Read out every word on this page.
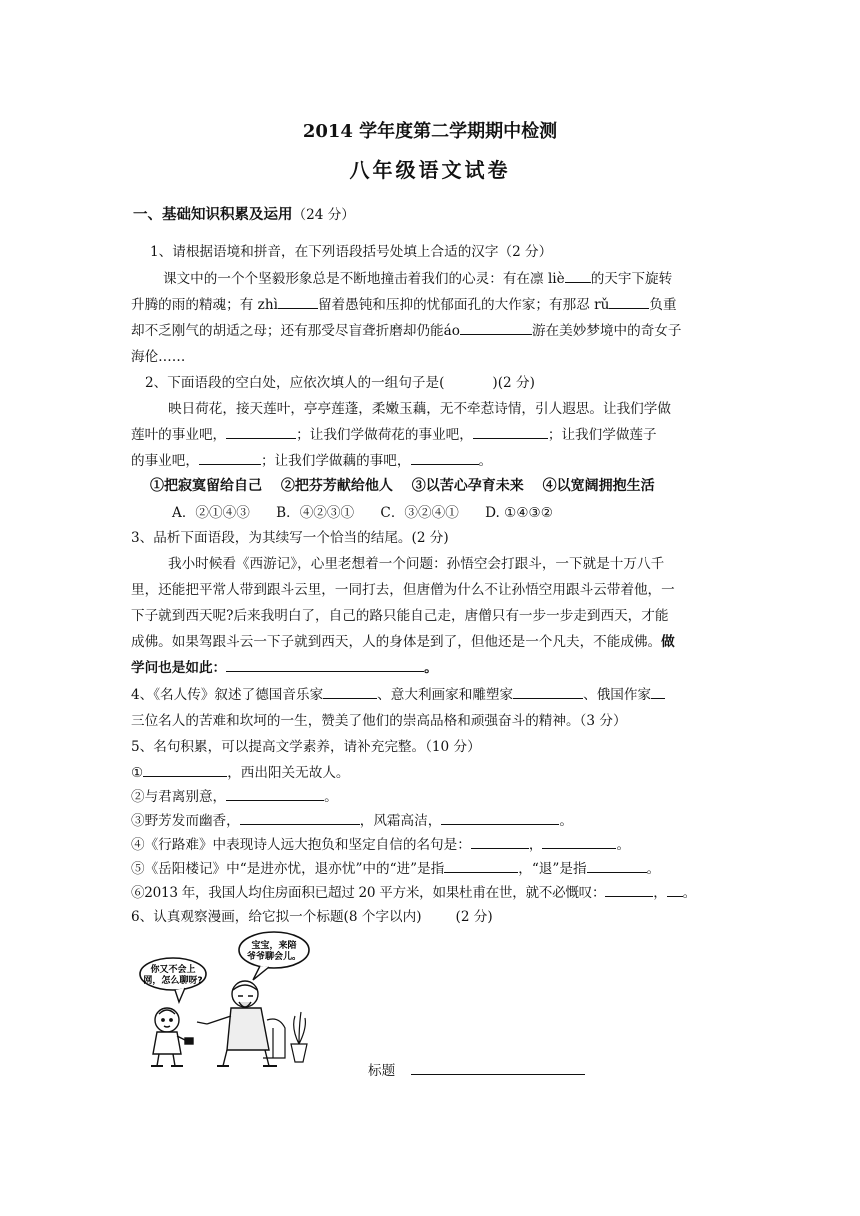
2014 学年度第二学期期中检测
八年级语文试卷
一、基础知识积累及运用（24 分）
1、请根据语境和拼音，在下列语段括号处填上合适的汉字（2 分）
课文中的一个个坚毅形象总是不断地撞击着我们的心灵：有在凛 liè 的天宇下旋转
升腾的雨的精魂；有 zhì	留着愚钝和压抑的忧郁面孔的大作家；有那忍 rǔ	负重
却不乏刚气的胡适之母；还有那受尽盲聋折磨却仍能áo	游在美妙梦境中的奇女子
海伦……
2、下面语段的空白处，应依次填人的一组句子是(	)(2 分)
映日荷花，接天莲叶，亭亭莲蓬，柔嫩玉藕，无不牵惹诗情，引人遐思。让我们学做
莲叶的事业吧，	；让我们学做荷花的事业吧，	；让我们学做莲子
的事业吧，	；让我们学做藕的事吧，	。
①把寂寞留给自己 ②把芬芳献给他人 ③以苦心孕育未来 ④以宽阔拥抱生活
A．②①④③ B．④②③① C．③②④① D. ①④③②
3、品析下面语段，为其续写一个恰当的结尾。(2 分)
我小时候看《西游记》，心里老想着一个问题：孙悟空会打跟斗，一下就是十万八千
里，还能把平常人带到跟斗云里，一同打去，但唐僧为什么不让孙悟空用跟斗云带着他，一
下子就到西天呢?后来我明白了，自己的路只能自己走，唐僧只有一步一步走到西天，才能
成佛。如果驾跟斗云一下子就到西天，人的身体是到了，但他还是一个凡夫，不能成佛。做
学问也是如此：	。
4、《名人传》叙述了德国音乐家	、意大利画家和雕塑家	、俄国作家
三位名人的苦难和坎坷的一生，赞美了他们的崇高品格和顽强奋斗的精神。（3 分）
5、名句积累，可以提高文学素养，请补充完整。（10 分）
①	，西出阳关无故人。
②与君离别意，	。
③野芳发而幽香，	，风霜高洁，	。
④《行路难》中表现诗人远大抱负和坚定自信的名句是：	，	。
⑤《岳阳楼记》中“是进亦忧，退亦忧”中的“进”是指	，“退”是指	。
⑥2013 年，我国人均住房面积已超过 20 平方米，如果杜甫在世，就不必慨叹：	， 。
6、认真观察漫画，给它拟一个标题(8 个字以内)	(2 分)
你又不会上
网，怎么聊呀?
宝宝，来陪
爷爷聊会儿。
标题
